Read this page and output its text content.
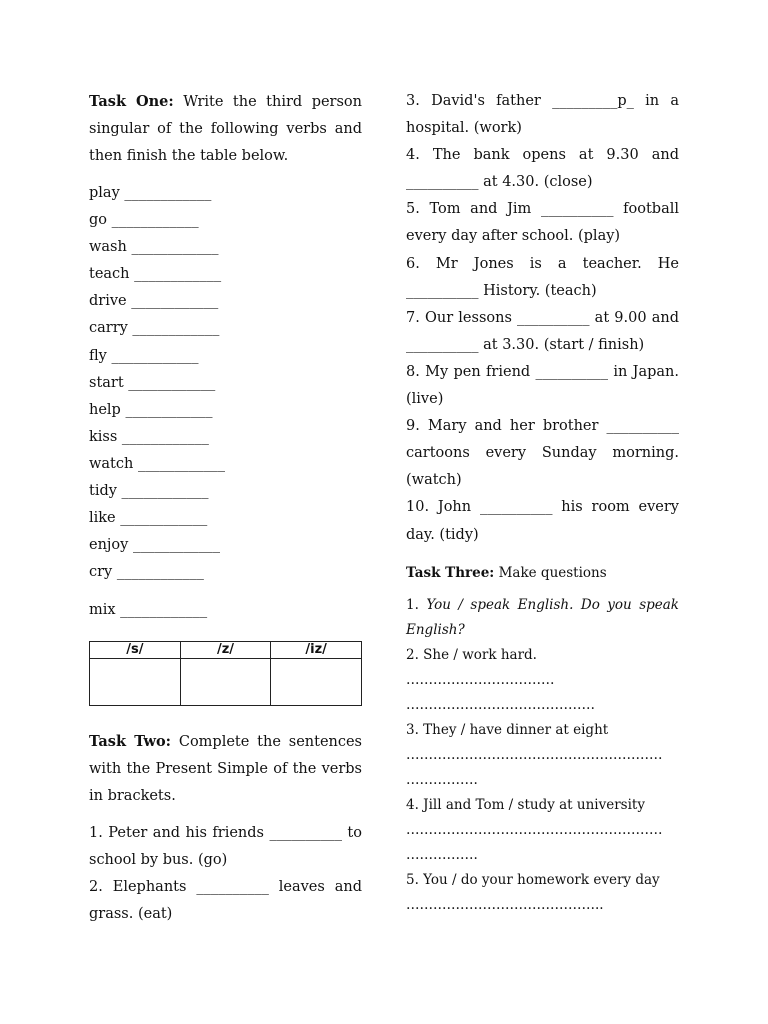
Task One: Write the third person singular of the following verbs and then finish the table below.

play ____________
go ____________
wash ____________
teach ____________
drive ____________
carry ____________
fly ____________
start ____________
help ____________
kiss ____________
watch ____________
tidy ____________
like ____________
enjoy ____________
cry ____________
mix ____________
/s/	/z/	/iz/

Task Two: Complete the sentences with the Present Simple of the verbs in brackets.

1. Peter and his friends __________ to school by bus. (go)

2. Elephants __________ leaves and grass. (eat)

3. David's father _________p_ in a hospital. (work)

4. The bank opens at 9.30 and __________ at 4.30. (close)

5. Tom and Jim __________ football every day after school. (play)

6. Mr Jones is a teacher. He __________ History. (teach)

7. Our lessons __________ at 9.00 and __________ at 3.30. (start / finish)

8. My pen friend __________ in Japan. (live)

9. Mary and her brother __________ cartoons every Sunday morning. (watch)

10. John __________ his room every day. (tidy)

Task Three: Make questions

1. You / speak English. Do you speak English?

2. She / work hard.

……………………………
……………………………………

3. They / have dinner at eight

…………………………………………………
…………….

4. Jill and Tom / study at university

…………………………………………………
…………….

5. You / do your homework every day

……………………………………..
